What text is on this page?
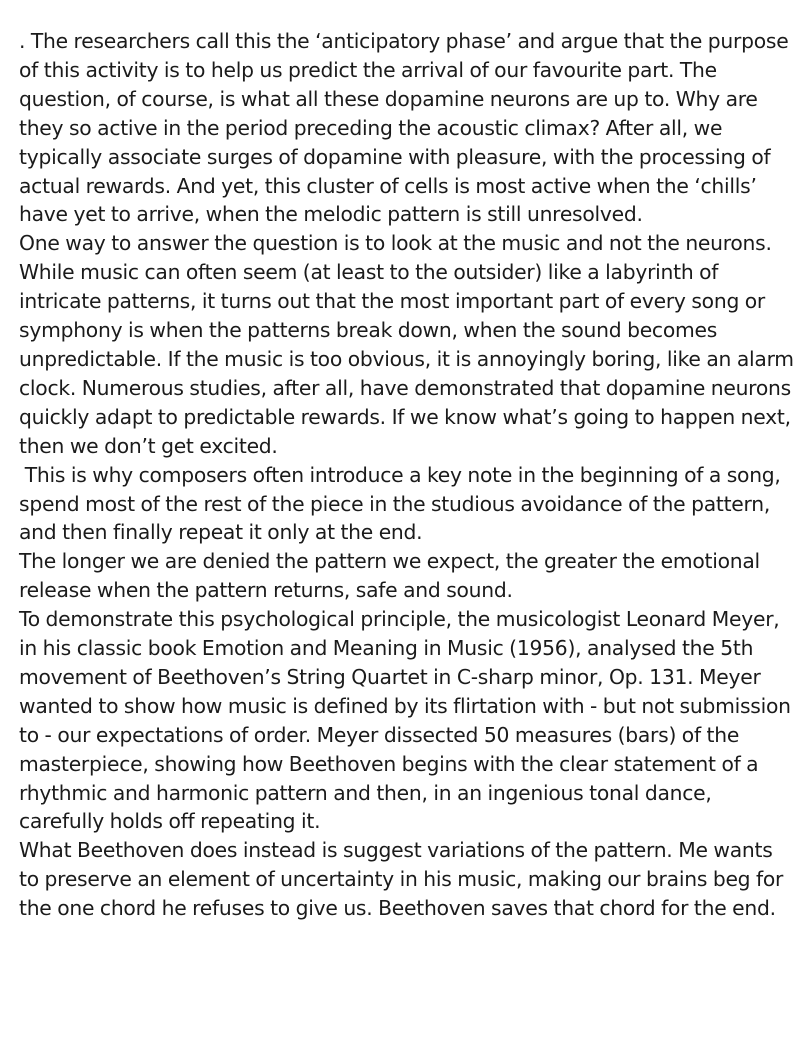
. The researchers call this the ‘anticipatory phase’ and argue that the purpose of this activity is to help us predict the arrival of our favourite part. The question, of course, is what all these dopamine neurons are up to. Why are they so active in the period preceding the acoustic climax? After all, we typically associate surges of dopamine with pleasure, with the processing of actual rewards. And yet, this cluster of cells is most active when the ‘chills’ have yet to arrive, when the melodic pattern is still unresolved.

One way to answer the question is to look at the music and not the neurons. While music can often seem (at least to the outsider) like a labyrinth of intricate patterns, it turns out that the most important part of every song or symphony is when the patterns break down, when the sound becomes unpredictable. If the music is too obvious, it is annoyingly boring, like an alarm clock. Numerous studies, after all, have demonstrated that dopamine neurons quickly adapt to predictable rewards. If we know what’s going to happen next, then we don’t get excited.

This is why composers often introduce a key note in the beginning of a song, spend most of the rest of the piece in the studious avoidance of the pattern, and then finally repeat it only at the end.

The longer we are denied the pattern we expect, the greater the emotional release when the pattern returns, safe and sound.

To demonstrate this psychological principle, the musicologist Leonard Meyer, in his classic book Emotion and Meaning in Music (1956), analysed the 5th movement of Beethoven’s String Quartet in C-sharp minor, Op. 131. Meyer wanted to show how music is defined by its flirtation with - but not submission to - our expectations of order. Meyer dissected 50 measures (bars) of the masterpiece, showing how Beethoven begins with the clear statement of a rhythmic and harmonic pattern and then, in an ingenious tonal dance, carefully holds off repeating it.

What Beethoven does instead is suggest variations of the pattern. Me wants to preserve an element of uncertainty in his music, making our brains beg for the one chord he refuses to give us. Beethoven saves that chord for the end.
